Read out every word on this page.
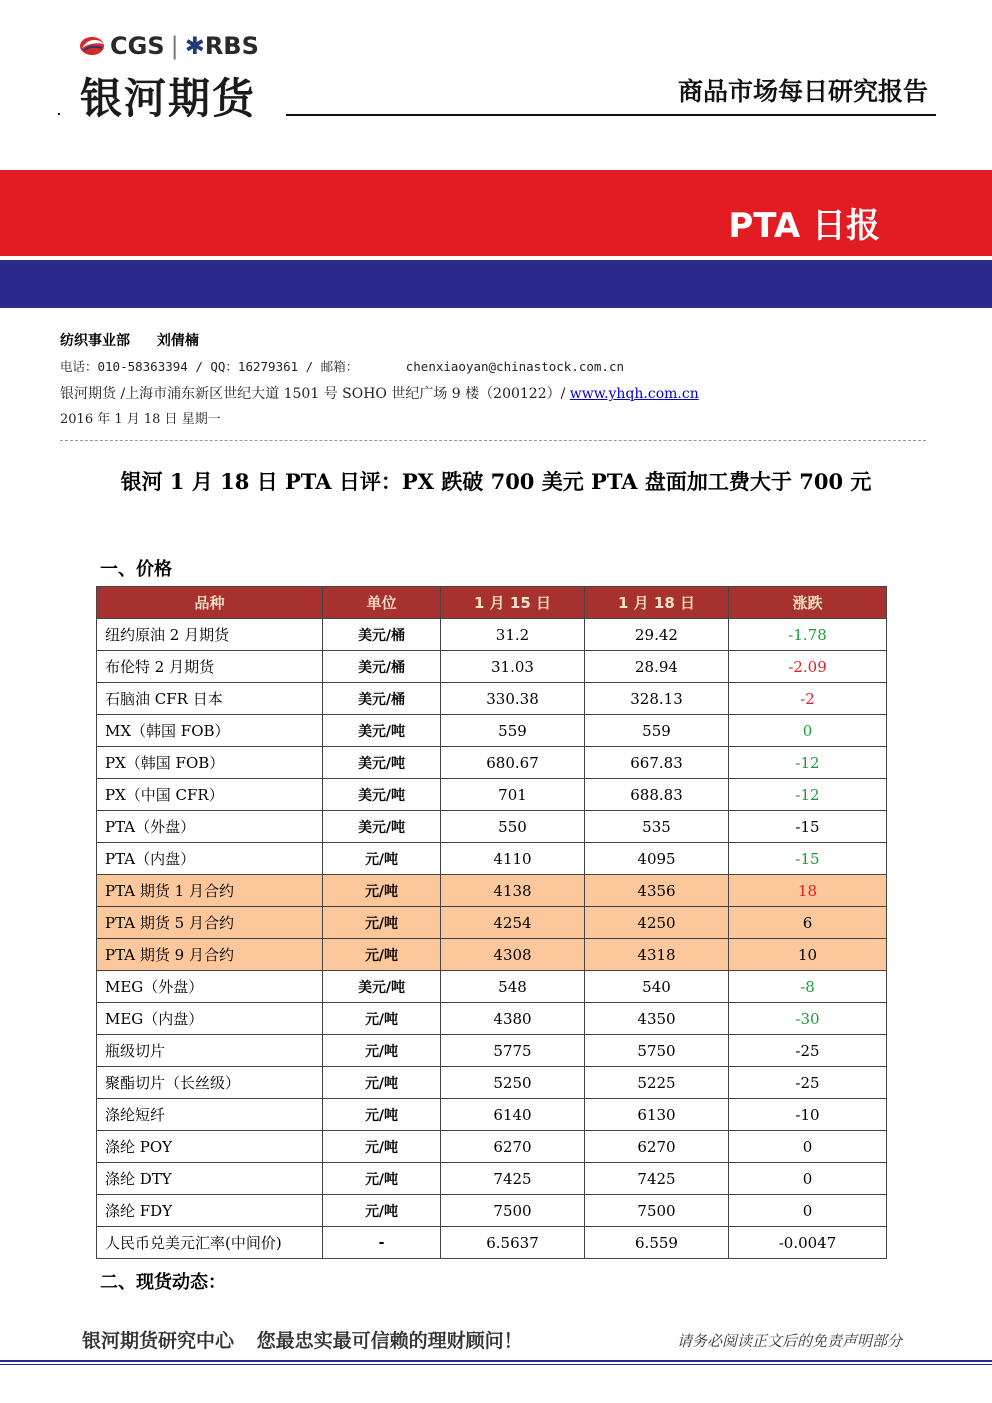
CGS | ✱ RBS
银河期货	商品市场每日研究报告
PTA 日报
纺织事业部 刘倩楠
电话：010-58363394 / QQ：16279361 / 邮箱：	chenxiaoyan@chinastock.com.cn
银河期货 /上海市浦东新区世纪大道 1501 号 SOHO 世纪广场 9 楼（200122）/ www.yhqh.com.cn
2016 年 1 月 18 日 星期一
银河 1 月 18 日 PTA 日评：PX 跌破 700 美元 PTA 盘面加工费大于 700 元
一、价格
品种	单位	1 月 15 日	1 月 18 日	涨跌
纽约原油 2 月期货	美元/桶	31.2	29.42	-1.78
布伦特 2 月期货	美元/桶	31.03	28.94	-2.09
石脑油 CFR 日本	美元/桶	330.38	328.13	-2
MX（韩国 FOB）	美元/吨	559	559	0
PX（韩国 FOB）	美元/吨	680.67	667.83	-12
PX（中国 CFR）	美元/吨	701	688.83	-12
PTA（外盘）	美元/吨	550	535	-15
PTA（内盘）	元/吨	4110	4095	-15
PTA 期货 1 月合约	元/吨	4138	4356	18
PTA 期货 5 月合约	元/吨	4254	4250	6
PTA 期货 9 月合约	元/吨	4308	4318	10
MEG（外盘）	美元/吨	548	540	-8
MEG（内盘）	元/吨	4380	4350	-30
瓶级切片	元/吨	5775	5750	-25
聚酯切片（长丝级）	元/吨	5250	5225	-25
涤纶短纤	元/吨	6140	6130	-10
涤纶 POY	元/吨	6270	6270	0
涤纶 DTY	元/吨	7425	7425	0
涤纶 FDY	元/吨	7500	7500	0
人民币兑美元汇率(中间价)	-	6.5637	6.559	-0.0047
二、现货动态：
银河期货研究中心 您最忠实最可信赖的理财顾问！	请务必阅读正文后的免责声明部分
